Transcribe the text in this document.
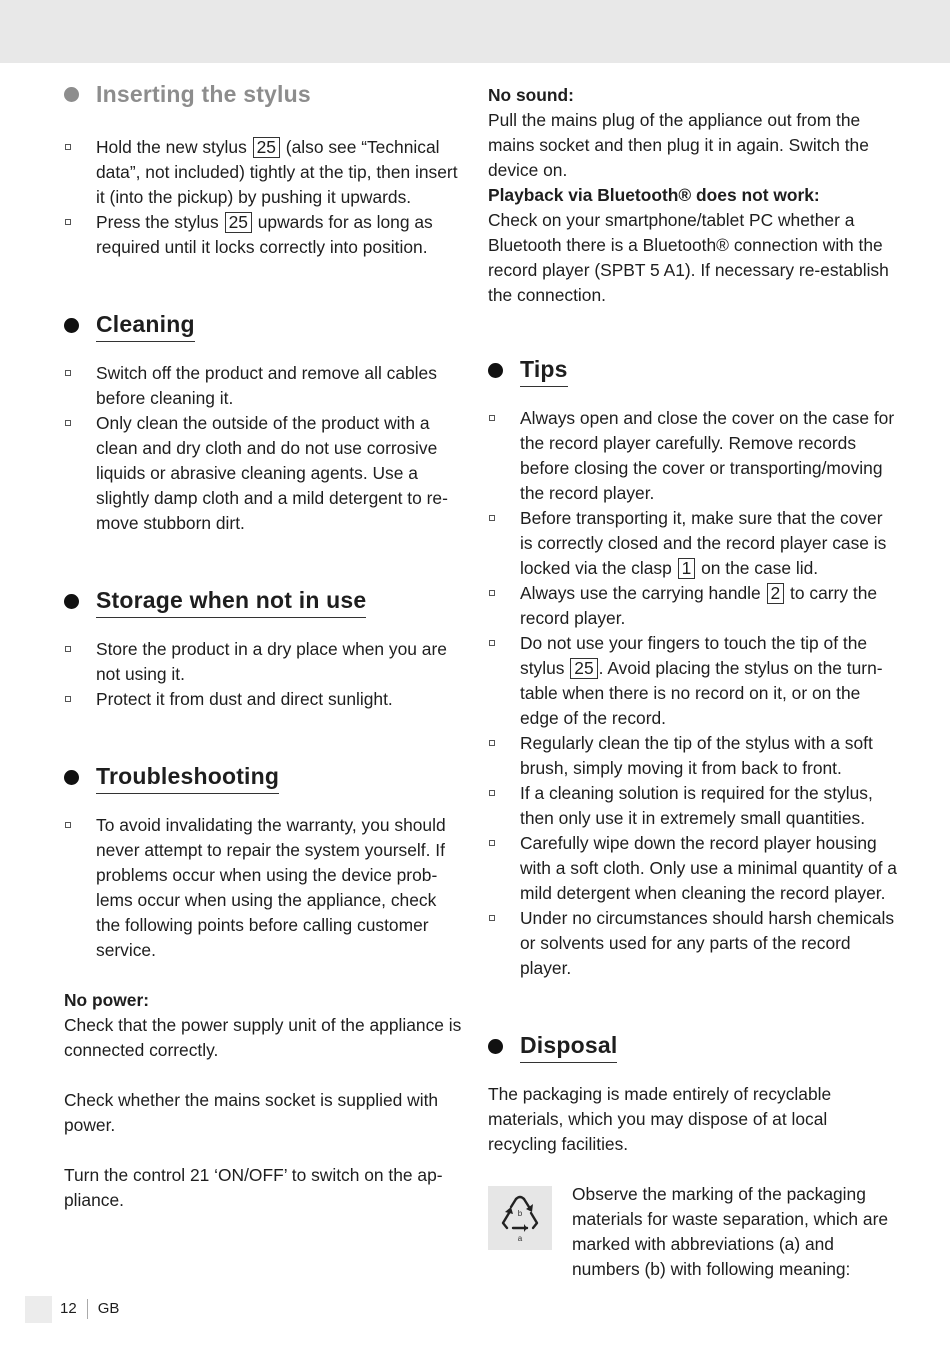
Inserting the stylus
Hold the new stylus 25 (also see “Technical data”, not included) tightly at the tip, then insert it (into the pickup) by pushing it upwards.
Press the stylus 25 upwards for as long as required until it locks correctly into position.
Cleaning
Switch off the product and remove all cables before cleaning it.
Only clean the outside of the product with a clean and dry cloth and do not use corrosive liquids or abrasive cleaning agents. Use a slightly damp cloth and a mild detergent to re-move stubborn dirt.
Storage when not in use
Store the product in a dry place when you are not using it.
Protect it from dust and direct sunlight.
Troubleshooting
To avoid invalidating the warranty, you should never attempt to repair the system yourself. If problems occur when using the device prob-lems occur when using the appliance, check the following points before calling customer service.

No power:

Check that the power supply unit of the appliance is connected correctly.

Check whether the mains socket is supplied with power.

Turn the control 21 ‘ON/OFF’ to switch on the ap-pliance.

No sound:

Pull the mains plug of the appliance out from the mains socket and then plug it in again. Switch the device on.

Playback via Bluetooth® does not work:

Check on your smartphone/tablet PC whether a Bluetooth there is a Bluetooth® connection with the record player (SPBT 5 A1). If necessary re-establish the connection.

Tips
Always open and close the cover on the case for the record player carefully. Remove records before closing the cover or transporting/moving the record player.
Before transporting it, make sure that the cover is correctly closed and the record player case is locked via the clasp 1 on the case lid.
Always use the carrying handle 2 to carry the record player.
Do not use your fingers to touch the tip of the stylus 25 . Avoid placing the stylus on the turn-table when there is no record on it, or on the edge of the record.
Regularly clean the tip of the stylus with a soft brush, simply moving it from back to front.
If a cleaning solution is required for the stylus, then only use it in extremely small quantities.
Carefully wipe down the record player housing with a soft cloth. Only use a minimal quantity of a mild detergent when cleaning the record player.
Under no circumstances should harsh chemicals or solvents used for any parts of the record player.
Disposal

The packaging is made entirely of recyclable materials, which you may dispose of at local recycling facilities.

b
a

Observe the marking of the packaging materials for waste separation, which are marked with abbreviations (a) and numbers (b) with following meaning:

12 GB
